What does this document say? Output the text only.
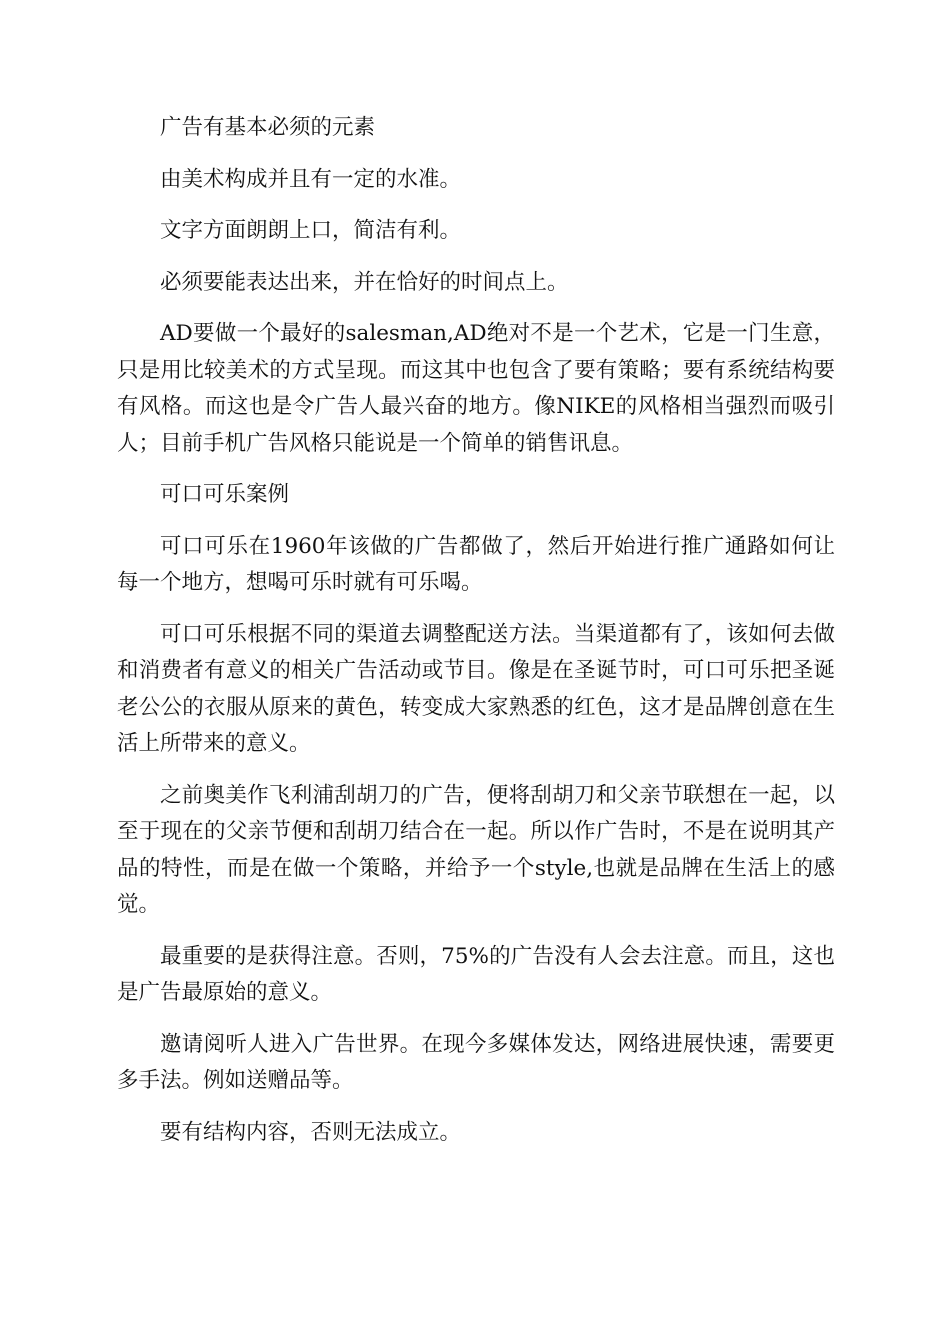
广告有基本必须的元素

由美术构成并且有一定的水准。

文字方面朗朗上口，简洁有利。

必须要能表达出来，并在恰好的时间点上。

AD要做一个最好的salesman,AD绝对不是一个艺术，它是一门生意，只是用比较美术的方式呈现。而这其中也包含了要有策略；要有系统结构要有风格。而这也是令广告人最兴奋的地方。像NIKE的风格相当强烈而吸引人；目前手机广告风格只能说是一个简单的销售讯息。

可口可乐案例

可口可乐在1960年该做的广告都做了，然后开始进行推广通路如何让每一个地方，想喝可乐时就有可乐喝。

可口可乐根据不同的渠道去调整配送方法。当渠道都有了，该如何去做和消费者有意义的相关广告活动或节目。像是在圣诞节时，可口可乐把圣诞老公公的衣服从原来的黄色，转变成大家熟悉的红色，这才是品牌创意在生活上所带来的意义。

之前奥美作飞利浦刮胡刀的广告，便将刮胡刀和父亲节联想在一起，以至于现在的父亲节便和刮胡刀结合在一起。所以作广告时，不是在说明其产品的特性，而是在做一个策略，并给予一个style,也就是品牌在生活上的感觉。

最重要的是获得注意。否则，75%的广告没有人会去注意。而且，这也是广告最原始的意义。

邀请阅听人进入广告世界。在现今多媒体发达，网络进展快速，需要更多手法。例如送赠品等。

要有结构内容，否则无法成立。
